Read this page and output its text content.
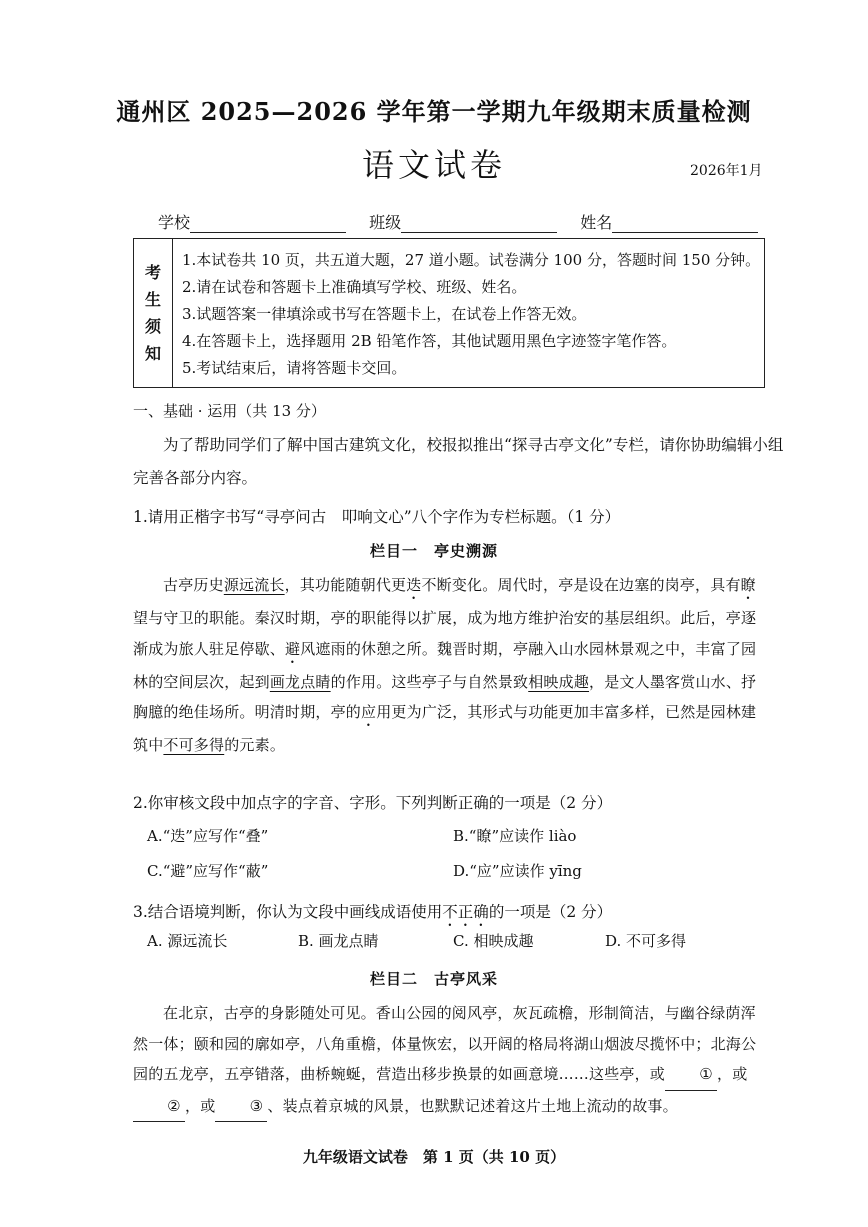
通州区 2025—2026 学年第一学期九年级期末质量检测
语文试卷	2026年1月
学校	班级	姓名
考
生
须
知
1.本试卷共 10 页，共五道大题，27 道小题。试卷满分 100 分，答题时间 150 分钟。
2.请在试卷和答题卡上准确填写学校、班级、姓名。
3.试题答案一律填涂或书写在答题卡上，在试卷上作答无效。
4.在答题卡上，选择题用 2B 铅笔作答，其他试题用黑色字迹签字笔作答。
5.考试结束后，请将答题卡交回。
一、基础 · 运用（共 13 分）
为了帮助同学们了解中国古建筑文化，校报拟推出“探寻古亭文化”专栏，请你协助编辑小组
完善各部分内容。
1.请用正楷字书写“寻亭问古　叩响文心”八个字作为专栏标题。（1 分）
栏目一　亭史溯源
古亭历史源远流长，其功能随朝代更迭不断变化。周代时，亭是设在边塞的岗亭，具有瞭望与守卫的职能。秦汉时期，亭的职能得以扩展，成为地方维护治安的基层组织。此后，亭逐渐成为旅人驻足停歇、避风遮雨的休憩之所。魏晋时期，亭融入山水园林景观之中，丰富了园林的空间层次，起到画龙点睛的作用。这些亭子与自然景致相映成趣，是文人墨客赏山水、抒胸臆的绝佳场所。明清时期，亭的应用更为广泛，其形式与功能更加丰富多样，已然是园林建筑中不可多得的元素。
2.你审核文段中加点字的字音、字形。下列判断正确的一项是（2 分）
A.“迭”应写作“叠”	B.“瞭”应读作 liào
C.“避”应写作“蔽”	D.“应”应读作 yīng
3.结合语境判断，你认为文段中画线成语使用不正确的一项是（2 分）
A. 源远流长	B. 画龙点睛	C. 相映成趣	D. 不可多得
栏目二　古亭风采
在北京，古亭的身影随处可见。香山公园的阅风亭，灰瓦疏檐，形制简洁，与幽谷绿荫浑然一体；颐和园的廓如亭，八角重檐，体量恢宏，以开阔的格局将湖山烟波尽揽怀中；北海公园的五龙亭，五亭错落，曲桥蜿蜒，营造出移步换景的如画意境……这些亭，或 ① ，或② ，或 ③ 、装点着京城的风景，也默默记述着这片土地上流动的故事。
九年级语文试卷　第 1 页（共 10 页）
